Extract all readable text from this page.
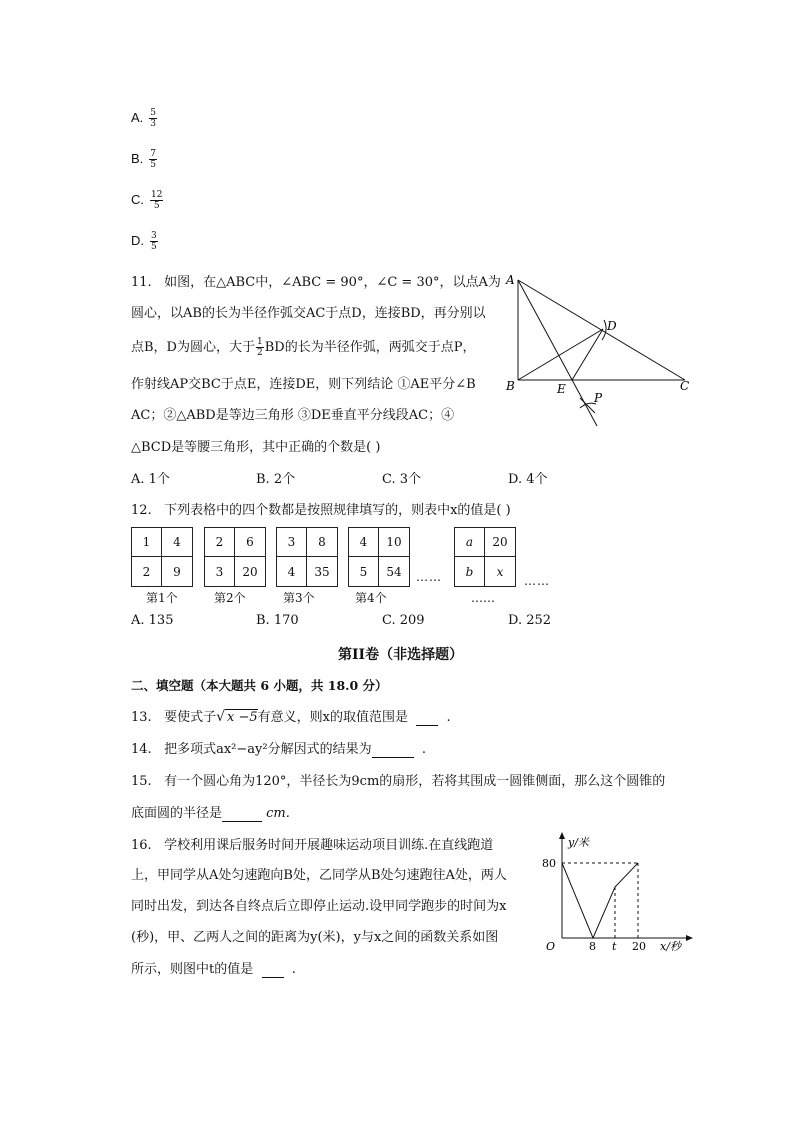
A. $\frac{5}{3}$
B. $\frac{7}{5}$
C. $\frac{12}{5}$
D. $\frac{3}{5}$
11. 如图，在△ABC中，∠ABC = 90°，∠C = 30°，以点A为
圆心，以AB的长为半径作弧交AC于点D，连接BD，再分别以
点B，D为圆心，大于 $\frac{1}{2}$ BD的长为半径作弧，两弧交于点P，
作射线AP交BC于点E，连接DE，则下列结论 ①AE平分∠B
AC；②△ABD是等边三角形 ③DE垂直平分线段AC；④
△BCD是等腰三角形，其中正确的个数是( )
A. 1个	B. 2个	C. 3个	D. 4个
A
B	C
D
E
P
12. 下列表格中的四个数都是按照规律填写的，则表中x的值是( )
1	4
2	9
第1个
2	6
3	20
第2个
3	8
4	35
第3个
4	10
5	54
第4个
……
a	20
b	x
……
……
A. 135	B. 170	C. 209	D. 252
第II卷（非选择题）
二、填空题（本大题共 6 小题，共 18.0 分）
13. 要使式子√ x −5有意义，则x的取值范围是	.
14. 把多项式ax²−ay²分解因式的结果为	.
15. 有一个圆心角为120°，半径长为9cm的扇形，若将其围成一圆锥侧面，那么这个圆锥的
底面圆的半径是	cm.
16. 学校利用课后服务时间开展趣味运动项目训练.在直线跑道
上，甲同学从A处匀速跑向B处，乙同学从B处匀速跑往A处，两人
同时出发，到达各自终点后立即停止运动.设甲同学跑步的时间为x
(秒)，甲、乙两人之间的距离为y(米)，y与x之间的函数关系如图
所示，则图中t的值是	.
y/米
80
O	8 t 20 x/秒
